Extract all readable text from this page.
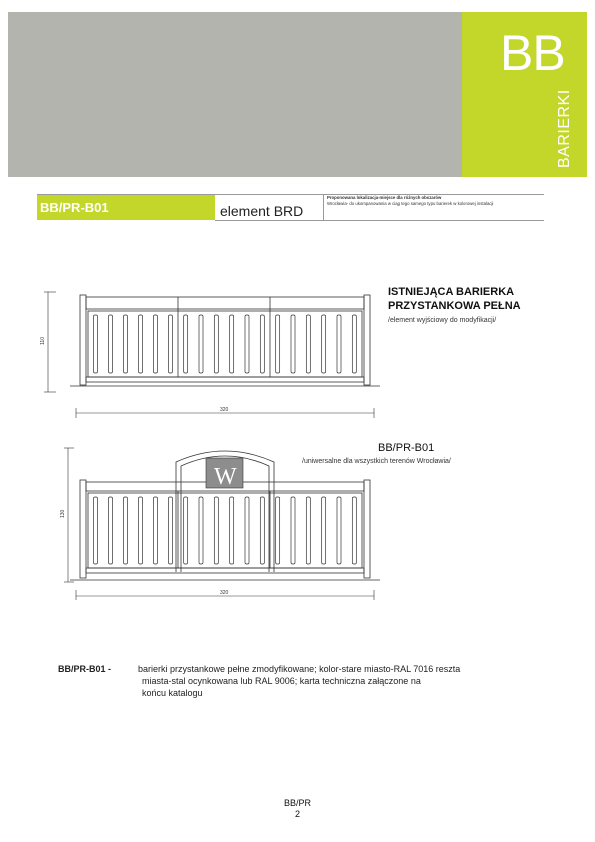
BB
BARIERKI
BB/PR-B01	element BRD
Proponowana lokalizacja-miejsce dla różnych obszarów
Wrocławia- do ukompanowania w ciąg tego samego typu barierek w kolorowej instalacji
110
320
W
130
320
ISTNIEJĄCA BARIERKA
PRZYSTANKOWA PEŁNA
/element wyjściowy do modyfikacji/
BB/PR-B01
/uniwersalne dla wszystkich terenów Wrocławia/
BB/PR-B01 -	barierki przystankowe pełne zmodyfikowane; kolor-stare miasto-RAL 7016 reszta
miasta-stal ocynkowana lub RAL 9006; karta techniczna załączone na
końcu katalogu
BB/PR
2
